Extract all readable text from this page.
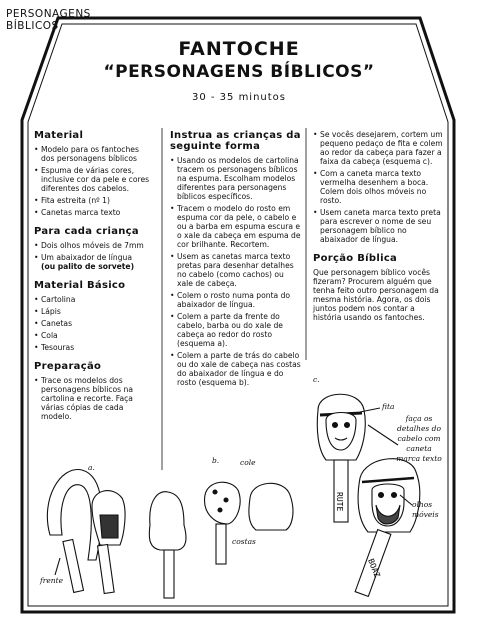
PERSONAGENS
BÍBLICOS
FANTOCHE
“PERSONAGENS BÍBLICOS”
30 - 35 minutos
Material
• Modelo para os fantoches dos personagens bíblicos
• Espuma de várias cores, inclusive cor da pele e cores diferentes dos cabelos.
• Fita estreita (nº 1)
• Canetas marca texto
Para cada criança
• Dois olhos móveis de 7mm
• Um abaixador de língua
(ou palito de sorvete)
Material Básico
• Cartolina
• Lápis
• Canetas
• Cola
• Tesouras
Preparação
• Trace os modelos dos personagens bíblicos na cartolina e recorte. Faça várias cópias de cada modelo.
Instrua as crianças da seguinte forma
• Usando os modelos de cartolina tracem os personagens bíblicos na espuma. Escolham modelos diferentes para personagens bíblicos específicos.
• Tracem o modelo do rosto em espuma cor da pele, o cabelo e ou a barba em espuma escura e o xale da cabeça em espuma de cor brilhante. Recortem.
• Usem as canetas marca texto pretas para desenhar detalhes no cabelo (como cachos) ou xale de cabeça.
• Colem o rosto numa ponta do abaixador de língua.
• Colem a parte da frente do cabelo, barba ou do xale de cabeça ao redor do rosto (esquema a).
• Colem a parte de trás do cabelo ou do xale de cabeça nas costas do abaixador de língua e do rosto (esquema b).
• Se vocês desejarem, cortem um pequeno pedaço de fita e colem ao redor da cabeça para fazer a faixa da cabeça (esquema c).
• Com a caneta marca texto vermelha desenhem a boca. Colem dois olhos móveis no rosto.
• Usem caneta marca texto preta para escrever o nome de seu personagem bíblico no abaixador de língua.
Porção Bíblica

Que personagem bíblico vocês fizeram? Procurem alguém que tenha feito outro personagem da mesma história. Agora, os dois juntos podem nos contar a história usando os fantoches.

RUTE
BOAZ
a.
b.
c.
cole
costas
frente
fita
faça os detalhes do cabelo com caneta marca texto
olhos móveis
